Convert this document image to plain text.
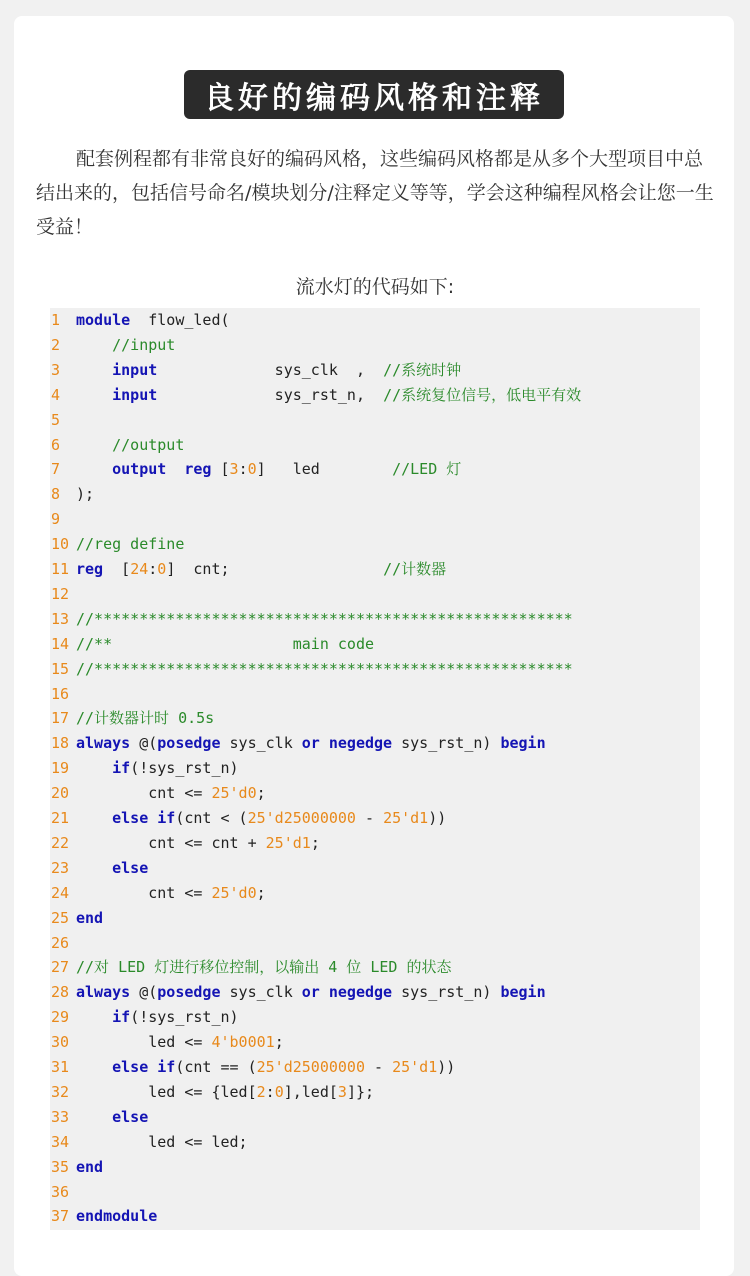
良好的编码风格和注释

配套例程都有非常良好的编码风格，这些编码风格都是从多个大型项目中总结出来的，包括信号命名/模块划分/注释定义等等，学会这种编程风格会让您一生受益！

流水灯的代码如下:
1	module  flow_led(
2	//input
3	input             sys_clk  ,  //系统时钟
4	input             sys_rst_n,  //系统复位信号，低电平有效
5
6	//output
7	output reg [3:0]   led        //LED 灯
8	);
9
10 //reg define
11 reg  [24:0]  cnt;                 //计数器
12
13 //*****************************************************
14 //**                    main code
15 //*****************************************************
16
17 //计数器计时 0.5s
18 always @(posedge sys_clk or negedge sys_rst_n) begin
19	if(!sys_rst_n)
20 cnt <= 25'd0;
21	else if(cnt < (25'd25000000 - 25'd1))
22 cnt <= cnt + 25'd1;
23	else
24 cnt <= 25'd0;
25 end
26
27 //对 LED 灯进行移位控制，以输出 4 位 LED 的状态
28 always @(posedge sys_clk or negedge sys_rst_n) begin
29	if(!sys_rst_n)
30 led <= 4'b0001;
31	else if(cnt == (25'd25000000 - 25'd1))
32 led <= {led[2:0],led[3]};
33	else
34 led <= led;
35 end
36
37 endmodule
